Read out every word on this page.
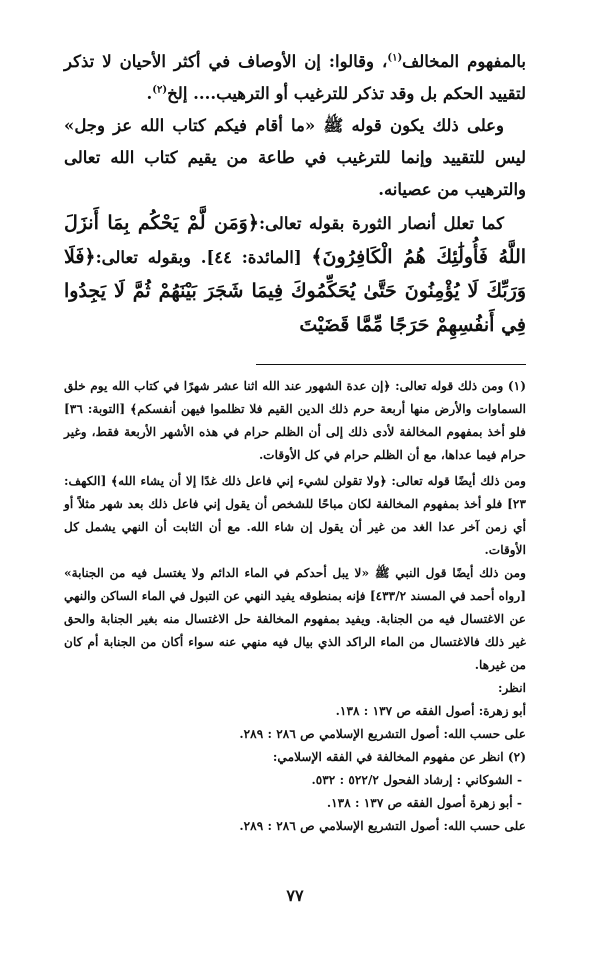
بالمفهوم المخالف$^{(١)}$، وقالوا: إن الأوصاف في أكثر الأحيان لا تذكر لتقييد الحكم بل وقد تذكر للترغيب أو الترهيب.... إلخ$^{(٢)}$.

وعلى ذلك يكون قوله ﷺ «ما أقام فيكم كتاب الله عز وجل» ليس للتقييد وإنما للترغيب في طاعة من يقيم كتاب الله تعالى والترهيب من عصيانه.

كما تعلل أنصار الثورة بقوله تعالى:﴿وَمَن لَّمْ يَحْكُم بِمَا أَنزَلَ اللَّهُ فَأُولَٰئِكَ هُمُ الْكَافِرُونَ﴾ [المائدة: ٤٤]. وبقوله تعالى:﴿فَلَا وَرَبِّكَ لَا يُؤْمِنُونَ حَتَّىٰ يُحَكِّمُوكَ فِيمَا شَجَرَ بَيْنَهُمْ ثُمَّ لَا يَجِدُوا فِي أَنفُسِهِمْ حَرَجًا مِّمَّا قَضَيْتَ

(١) ومن ذلك قوله تعالى: ﴿إن عدة الشهور عند الله اثنا عشر شهرًا في كتاب الله يوم خلق السماوات والأرض منها أربعة حرم ذلك الدين القيم فلا تظلموا فيهن أنفسكم﴾ [التوبة: ٣٦] فلو أخذ بمفهوم المخالفة لأدى ذلك إلى أن الظلم حرام في هذه الأشهر الأربعة فقط، وغير حرام فيما عداها، مع أن الظلم حرام في كل الأوقات.

ومن ذلك أيضًا قوله تعالى: ﴿ولا تقولن لشيء إني فاعل ذلك غدًا إلا أن يشاء الله﴾ [الكهف: ٢٣] فلو أخذ بمفهوم المخالفة لكان مباحًا للشخص أن يقول إني فاعل ذلك بعد شهر مثلاً أو أي زمن آخر عدا الغد من غير أن يقول إن شاء الله. مع أن الثابت أن النهي يشمل كل الأوقات.

ومن ذلك أيضًا قول النبي ﷺ «لا يبل أحدكم في الماء الدائم ولا يغتسل فيه من الجنابة» [رواه أحمد في المسند ٤٣٣/٢] فإنه بمنطوقه يفيد النهي عن التبول في الماء الساكن والنهي عن الاغتسال فيه من الجنابة. ويفيد بمفهوم المخالفة حل الاغتسال منه بغير الجنابة والحق غير ذلك فالاغتسال من الماء الراكد الذي بيال فيه منهي عنه سواء أكان من الجنابة أم كان من غيرها.

انظر:

أبو زهرة: أصول الفقه ص ١٣٧ : ١٣٨.

على حسب الله: أصول التشريع الإسلامي ص ٢٨٦ : ٢٨٩.

(٢) انظر عن مفهوم المخالفة في الفقه الإسلامي:

- الشوكاني : إرشاد الفحول ٥٢٢/٢ : ٥٣٢.

- أبو زهرة أصول الفقه ص ١٣٧ : ١٣٨.

على حسب الله: أصول التشريع الإسلامي ص ٢٨٦ : ٢٨٩.

٧٧
